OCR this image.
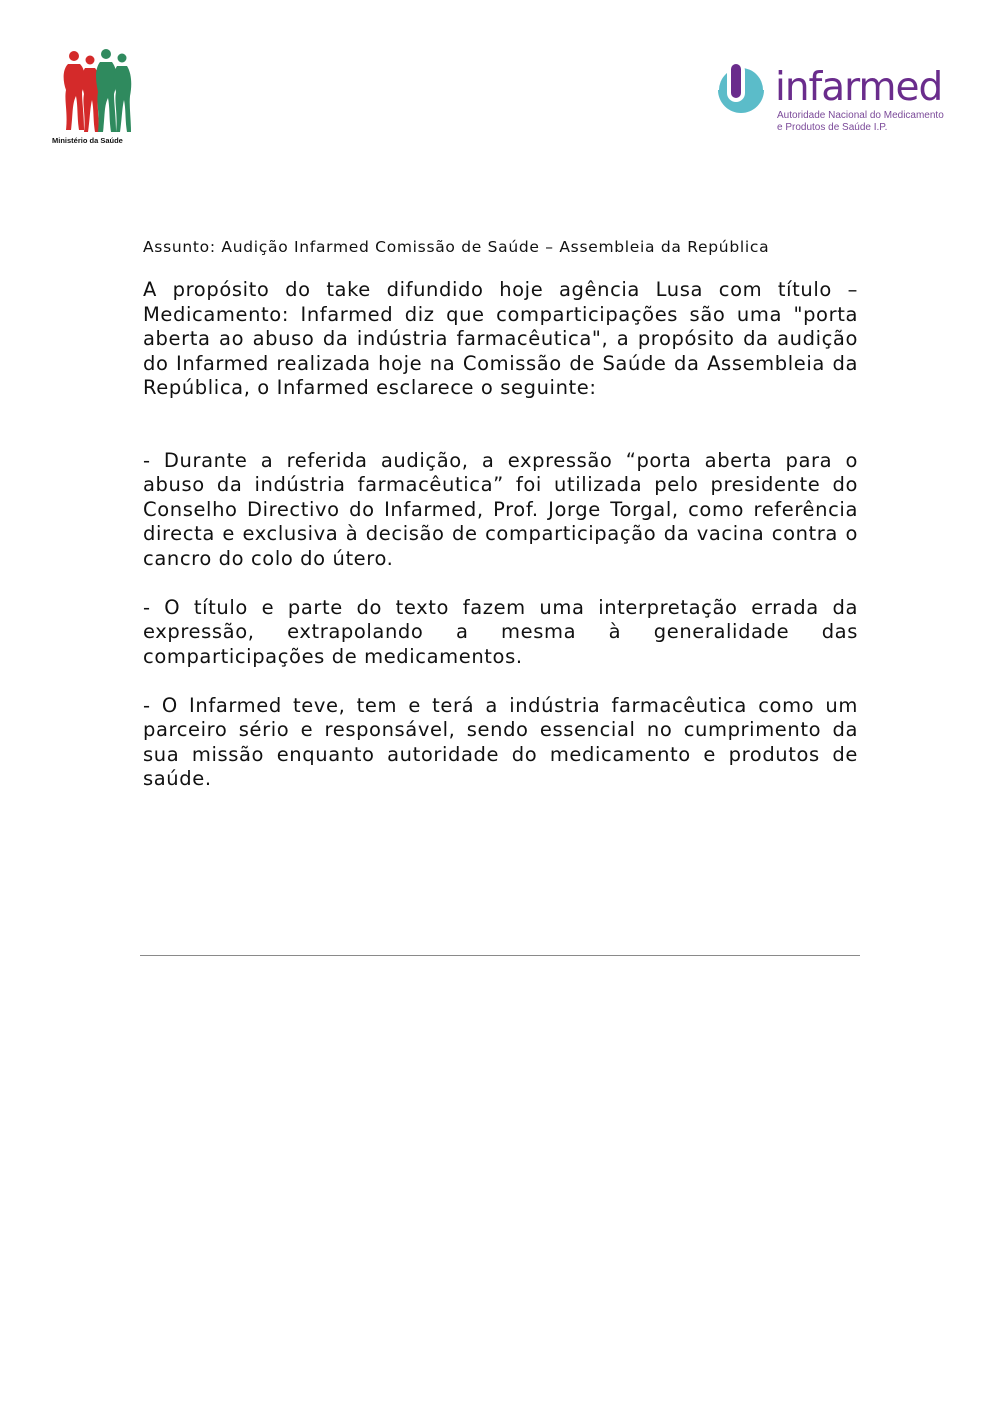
Ministério da Saúde
infarmed
Autoridade Nacional do Medicamento
e Produtos de Saúde I.P.
Assunto: Audição Infarmed Comissão de Saúde – Assembleia da República

A propósito do take difundido hoje agência Lusa com título – Medicamento: Infarmed diz que comparticipações são uma "porta aberta ao abuso da indústria farmacêutica", a propósito da audição do Infarmed realizada hoje na Comissão de Saúde da Assembleia da República, o Infarmed esclarece o seguinte:

- Durante a referida audição, a expressão “porta aberta para o abuso da indústria farmacêutica” foi utilizada pelo presidente do Conselho Directivo do Infarmed, Prof. Jorge Torgal, como referência directa e exclusiva à decisão de comparticipação da vacina contra o cancro do colo do útero.

- O título e parte do texto fazem uma interpretação errada da expressão, extrapolando a mesma à generalidade das comparticipações de medicamentos.

- O Infarmed teve, tem e terá a indústria farmacêutica como um parceiro sério e responsável, sendo essencial no cumprimento da sua missão enquanto autoridade do medicamento e produtos de saúde.
